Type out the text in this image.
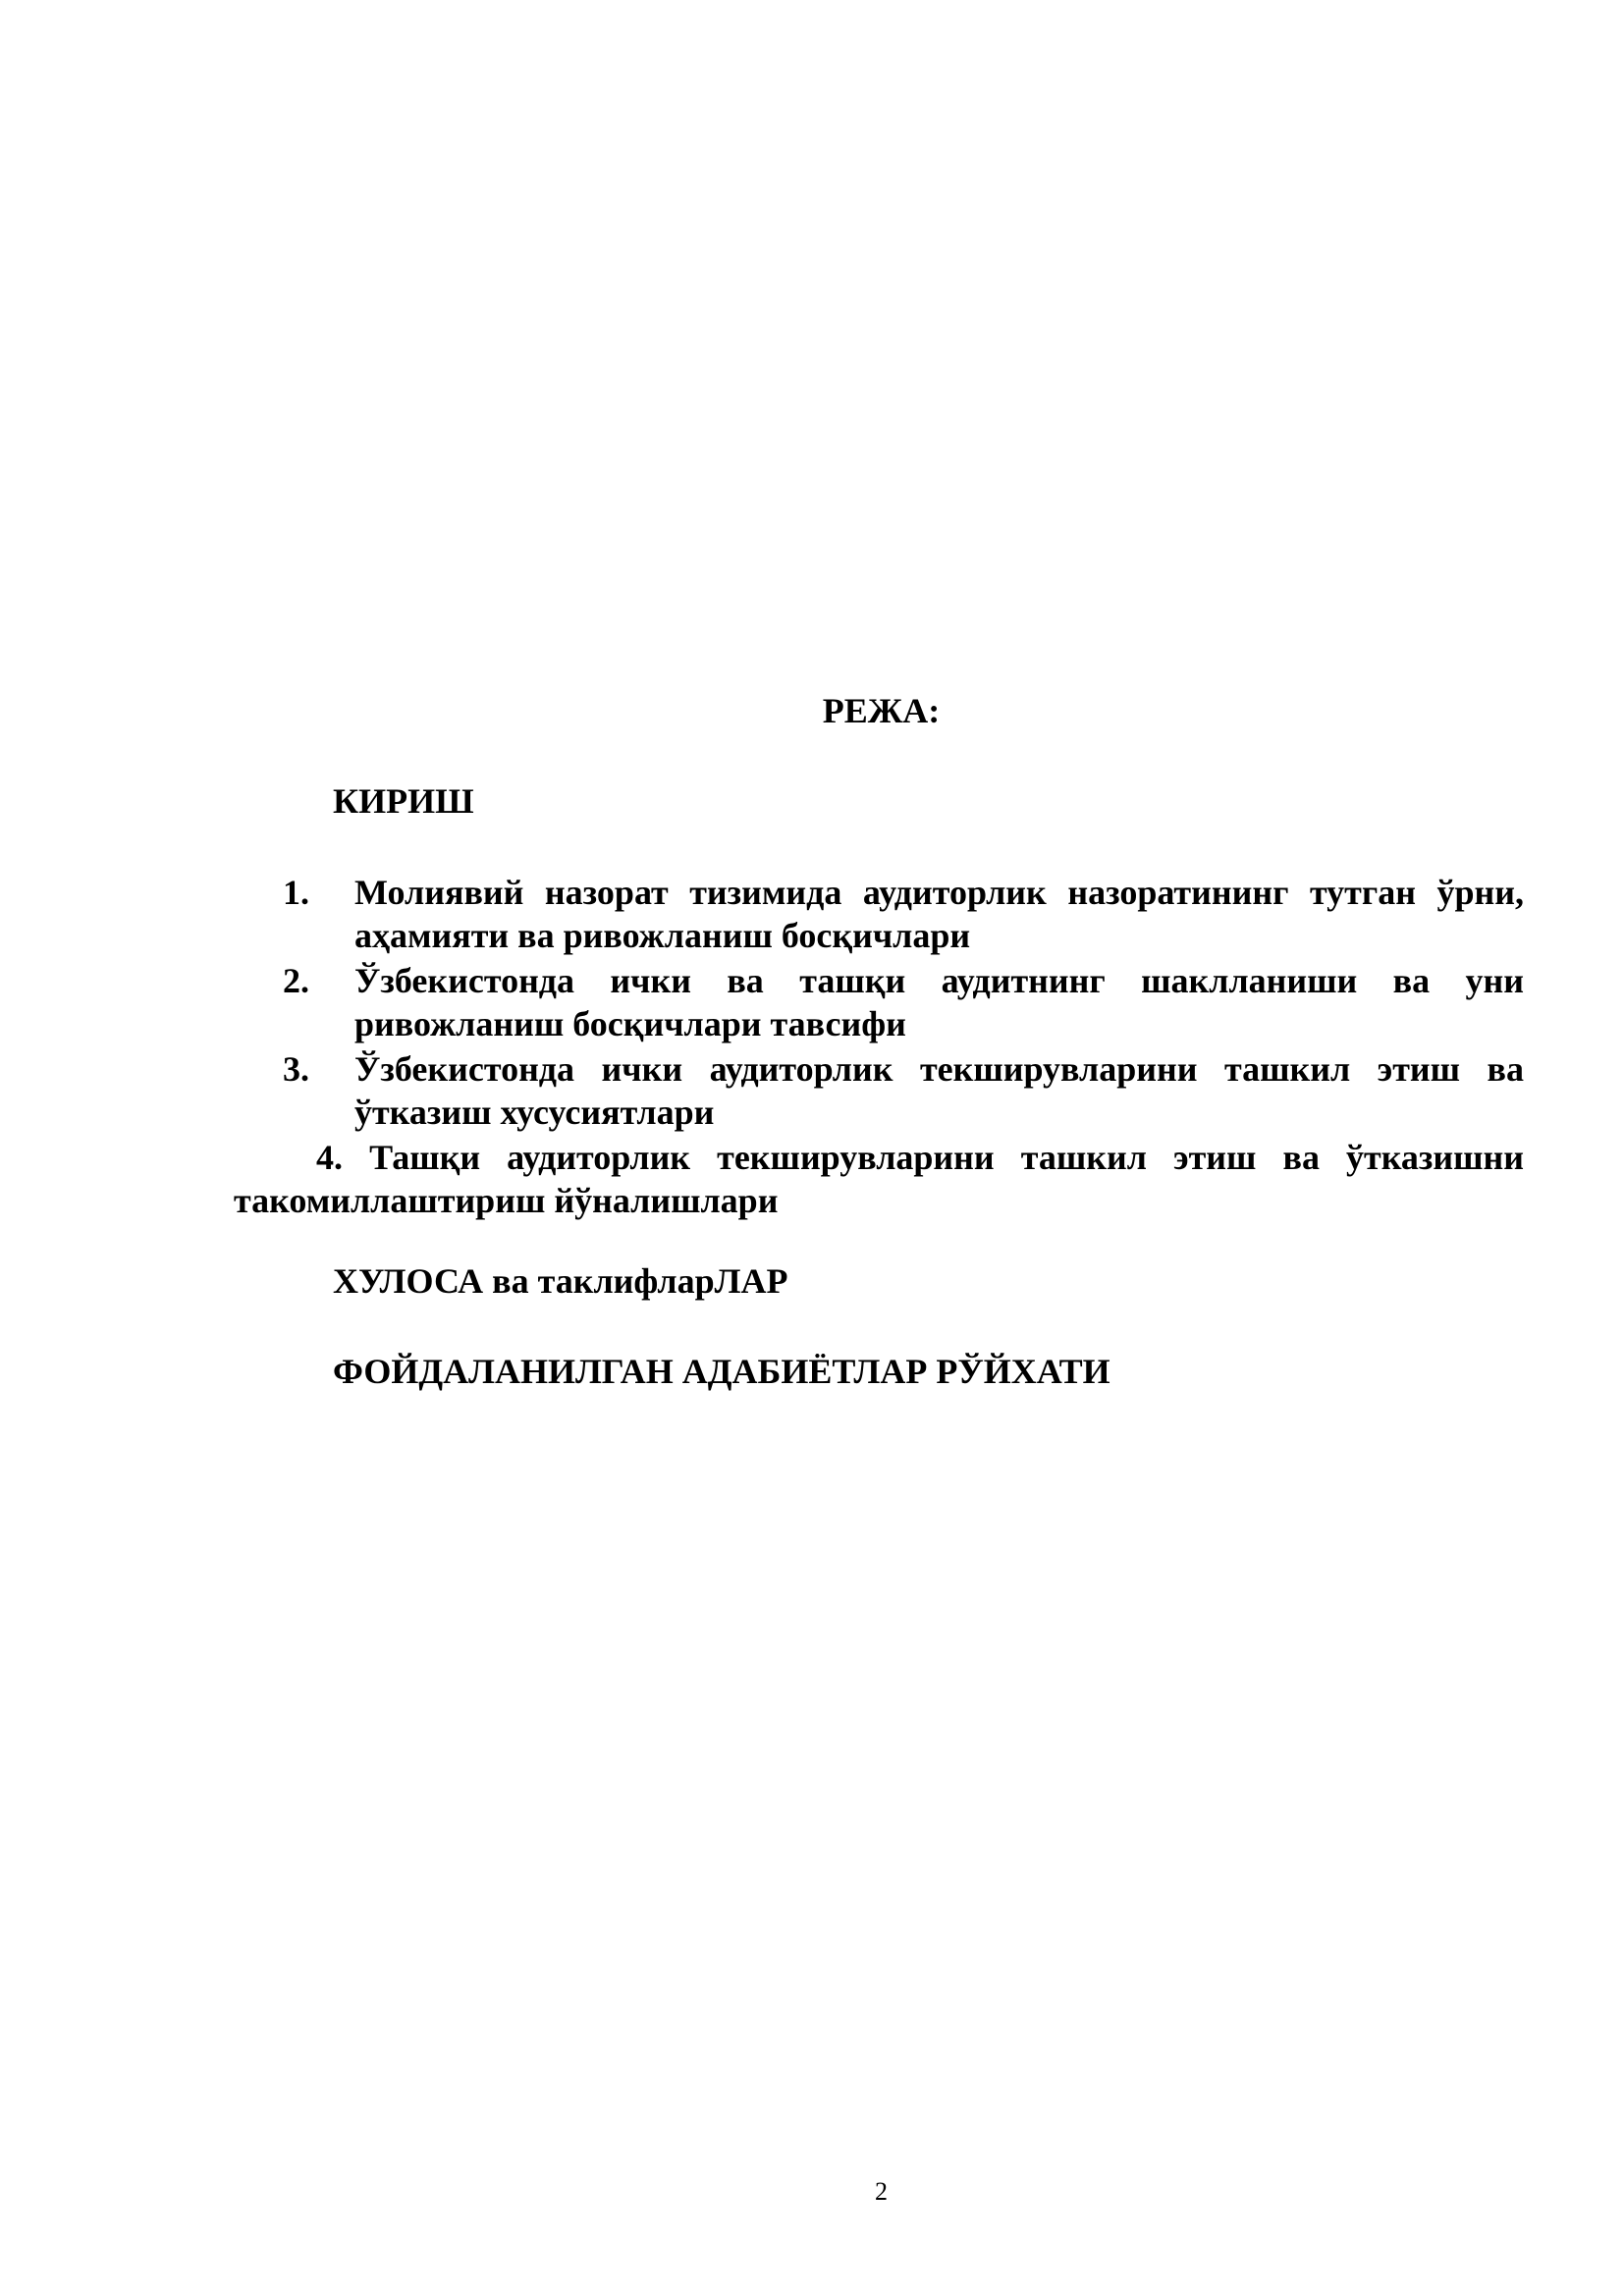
РЕЖА:
КИРИШ
1.	Молиявий назорат тизимида аудиторлик назоратининг тутган ўрни, аҳамияти ва ривожланиш босқичлари
2.	Ўзбекистонда ички ва ташқи аудитнинг шаклланиши ва уни ривожланиш босқичлари тавсифи
3.	Ўзбекистонда ички аудиторлик текширувларини ташкил этиш ва ўтказиш хусусиятлари
4. Ташқи аудиторлик текширувларини ташкил этиш ва ўтказишни такомиллаштириш йўналишлари
ХУЛОСА ва таклифларЛАР
ФОЙДАЛАНИЛГАН АДАБИЁТЛАР РЎЙХАТИ
2
